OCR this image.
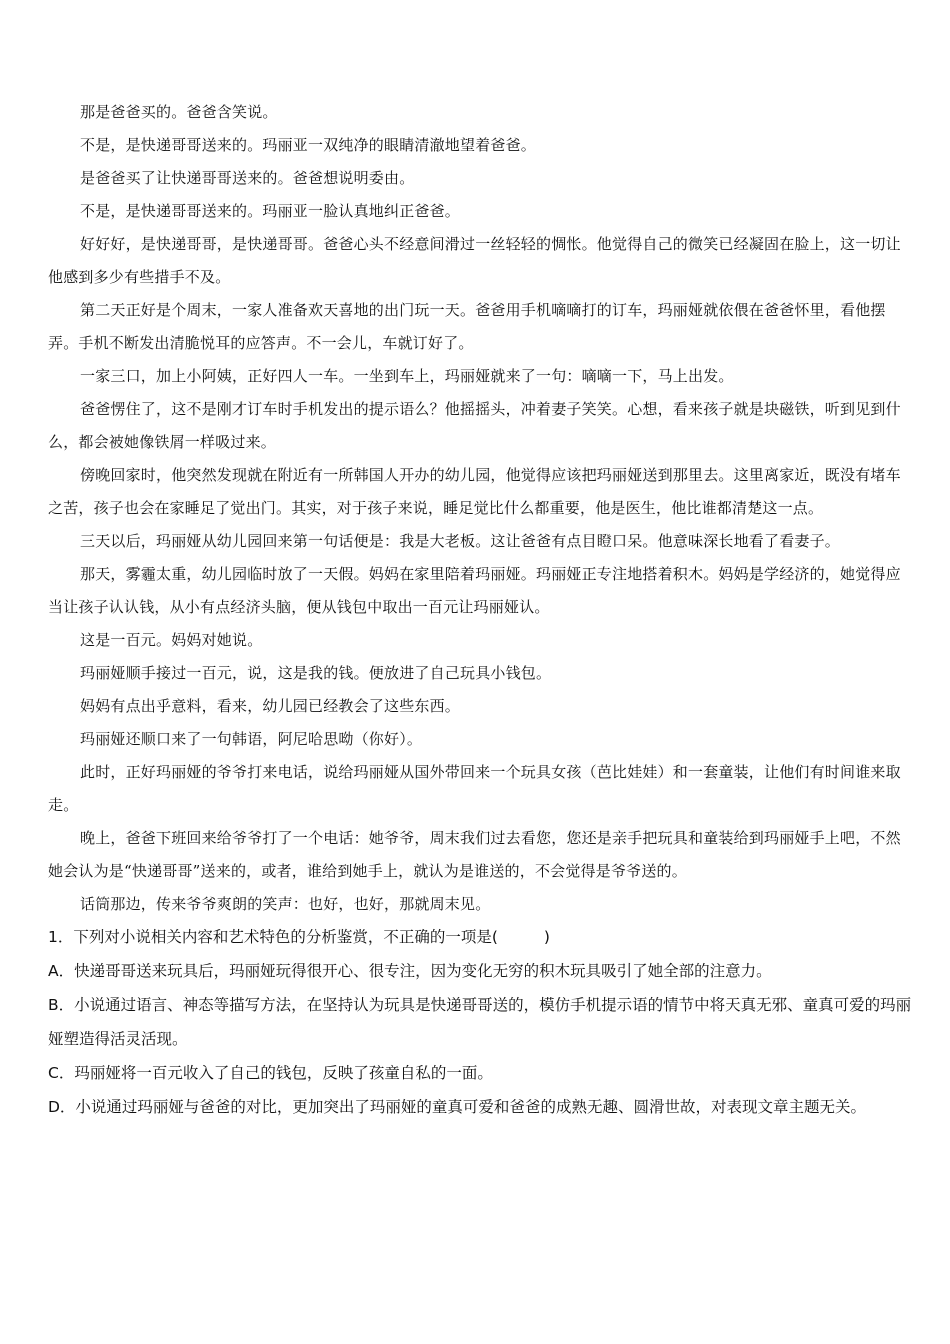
那是爸爸买的。爸爸含笑说。

不是，是快递哥哥送来的。玛丽亚一双纯净的眼睛清澈地望着爸爸。

是爸爸买了让快递哥哥送来的。爸爸想说明委由。

不是，是快递哥哥送来的。玛丽亚一脸认真地纠正爸爸。

好好好，是快递哥哥，是快递哥哥。爸爸心头不经意间滑过一丝轻轻的惆怅。他觉得自己的微笑已经凝固在脸上，这一切让他感到多少有些措手不及。

第二天正好是个周末，一家人准备欢天喜地的出门玩一天。爸爸用手机嘀嘀打的订车，玛丽娅就依偎在爸爸怀里，看他摆弄。手机不断发出清脆悦耳的应答声。不一会儿，车就订好了。

一家三口，加上小阿姨，正好四人一车。一坐到车上，玛丽娅就来了一句：嘀嘀一下，马上出发。

爸爸愣住了，这不是刚才订车时手机发出的提示语么？他摇摇头，冲着妻子笑笑。心想，看来孩子就是块磁铁，听到见到什么，都会被她像铁屑一样吸过来。

傍晚回家时，他突然发现就在附近有一所韩国人开办的幼儿园，他觉得应该把玛丽娅送到那里去。这里离家近，既没有堵车之苦，孩子也会在家睡足了觉出门。其实，对于孩子来说，睡足觉比什么都重要，他是医生，他比谁都清楚这一点。

三天以后，玛丽娅从幼儿园回来第一句话便是：我是大老板。这让爸爸有点目瞪口呆。他意味深长地看了看妻子。

那天，雾霾太重，幼儿园临时放了一天假。妈妈在家里陪着玛丽娅。玛丽娅正专注地搭着积木。妈妈是学经济的，她觉得应当让孩子认认钱，从小有点经济头脑，便从钱包中取出一百元让玛丽娅认。

这是一百元。妈妈对她说。

玛丽娅顺手接过一百元，说，这是我的钱。便放进了自己玩具小钱包。

妈妈有点出乎意料，看来，幼儿园已经教会了这些东西。

玛丽娅还顺口来了一句韩语，阿尼哈思呦（你好）。

此时，正好玛丽娅的爷爷打来电话，说给玛丽娅从国外带回来一个玩具女孩（芭比娃娃）和一套童装，让他们有时间谁来取走。

晚上，爸爸下班回来给爷爷打了一个电话：她爷爷，周末我们过去看您，您还是亲手把玩具和童装给到玛丽娅手上吧，不然她会认为是“快递哥哥”送来的，或者，谁给到她手上，就认为是谁送的，不会觉得是爷爷送的。

话筒那边，传来爷爷爽朗的笑声：也好，也好，那就周末见。

1．下列对小说相关内容和艺术特色的分析鉴赏，不正确的一项是(	)

A．快递哥哥送来玩具后，玛丽娅玩得很开心、很专注，因为变化无穷的积木玩具吸引了她全部的注意力。

B．小说通过语言、神态等描写方法，在坚持认为玩具是快递哥哥送的，模仿手机提示语的情节中将天真无邪、童真可爱的玛丽娅塑造得活灵活现。

C．玛丽娅将一百元收入了自己的钱包，反映了孩童自私的一面。

D．小说通过玛丽娅与爸爸的对比，更加突出了玛丽娅的童真可爱和爸爸的成熟无趣、圆滑世故，对表现文章主题无关。
